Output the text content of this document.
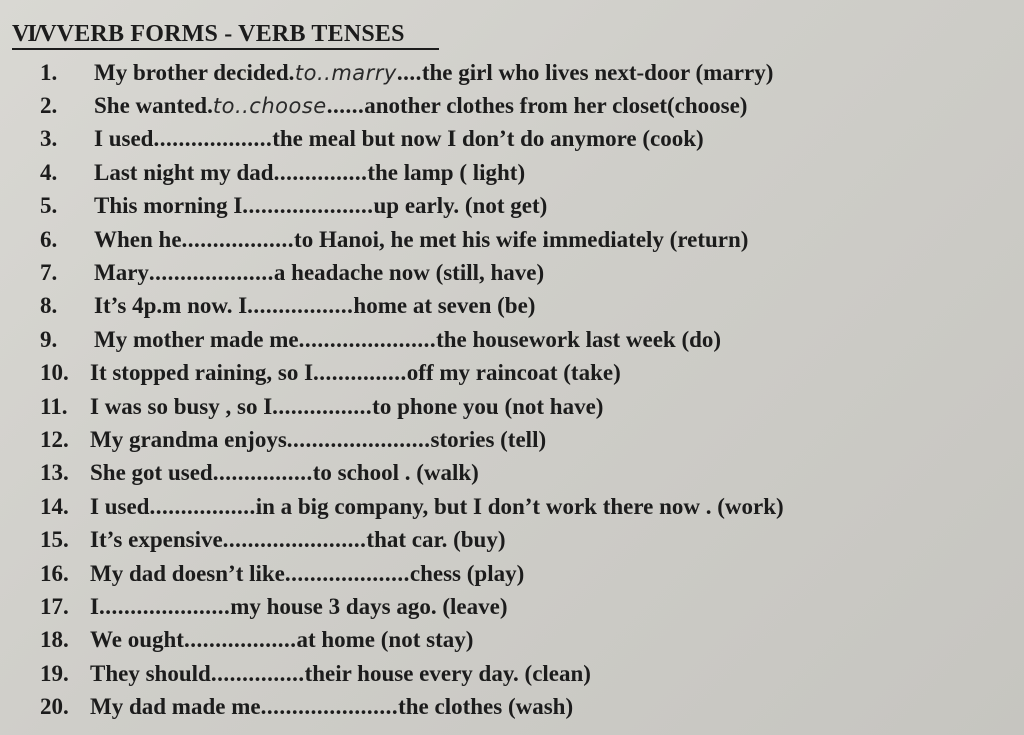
VI/VVERB FORMS - VERB TENSES
1.	My brother decided . to..marry .... the girl who lives next-door (marry)
2.	She wanted. to..choose ...... another clothes from her closet(choose)
3.	I used ................... the meal but now I don’t do anymore (cook)
4.	Last night my dad ............... the lamp ( light)
5.	This morning I ..................... up early. (not get)
6.	When he .................. to Hanoi, he met his wife immediately (return)
7.	Mary .................... a headache now (still, have)
8.	It’s 4p.m now. I ................. home at seven (be)
9.	My mother made me ...................... the housework last week (do)
10. It stopped raining, so I ............... off my raincoat (take)
11. I was so busy , so I ................ to phone you (not have)
12. My grandma enjoys ....................... stories (tell)
13. She got used ................ to school . (walk)
14. I used ................. in a big company, but I don’t work there now . (work)
15. It’s expensive ....................... that car. (buy)
16. My dad doesn’t like .................... chess (play)
17. I ..................... my house 3 days ago. (leave)
18. We ought .................. at home (not stay)
19. They should ............... their house every day. (clean)
20. My dad made me ...................... the clothes (wash)
